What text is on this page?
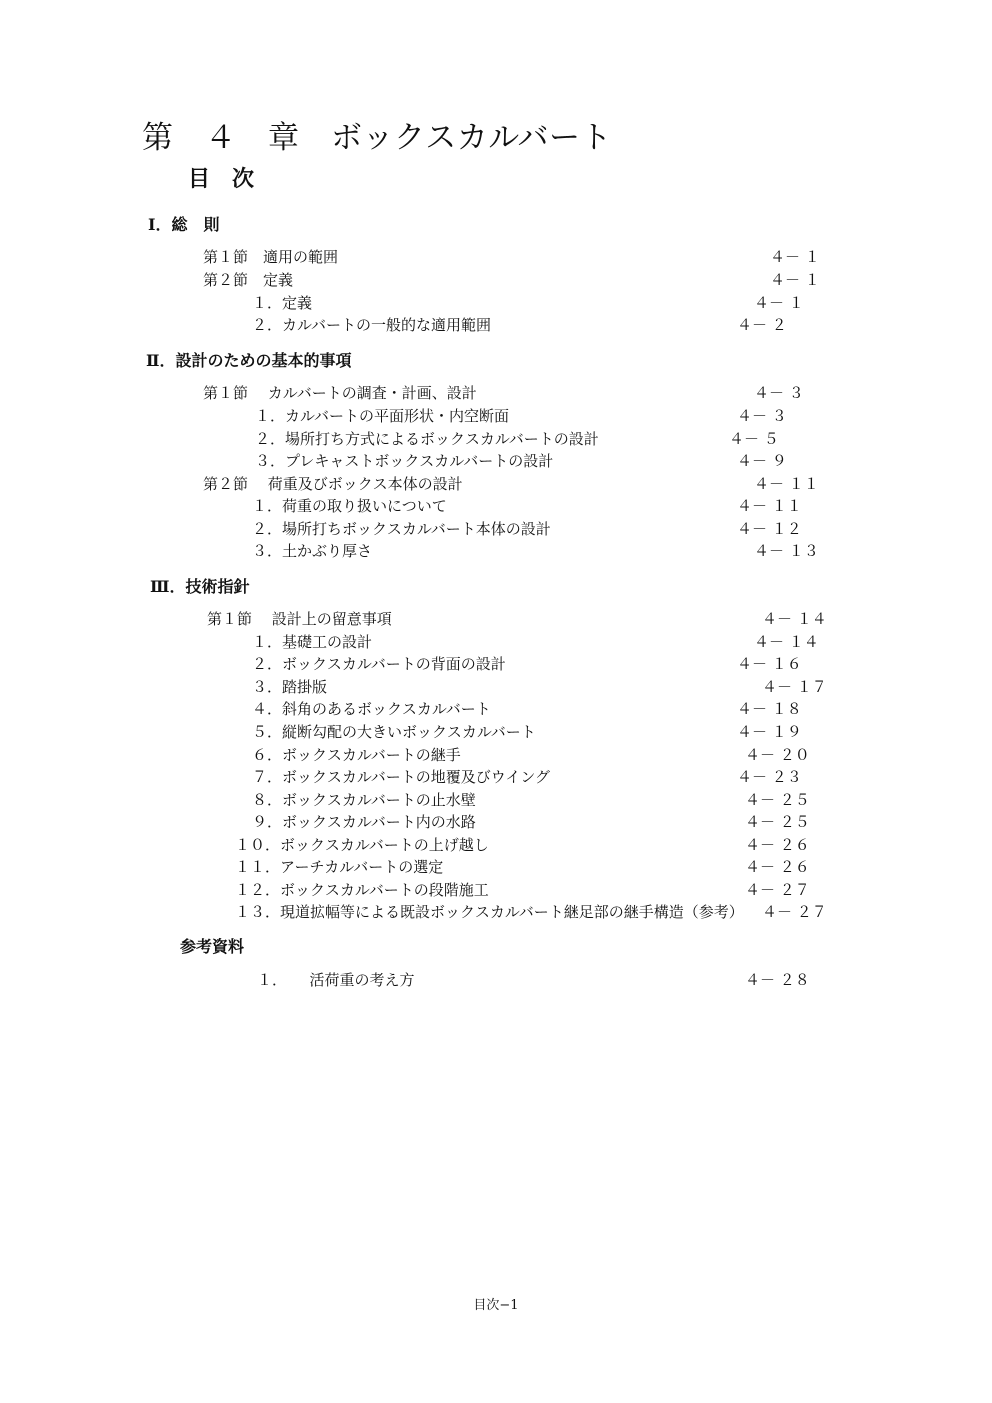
第　４　章　ボックスカルバート
目　次
Ⅰ．総　則
第１節　適用の範囲	４－ １
第２節　定義	４－ １
１．定義	４－ １
２．カルバートの一般的な適用範囲	４－ ２
Ⅱ．設計のための基本的事項
第１節　 カルバートの調査・計画、設計	４－ ３
１．カルバートの平面形状・内空断面	４－ ３
２．場所打ち方式によるボックスカルバートの設計	４－ ５
３．プレキャストボックスカルバートの設計	４－ ９
第２節　 荷重及びボックス本体の設計	４－ １１
１．荷重の取り扱いについて	４－ １１
２．場所打ちボックスカルバート本体の設計	４－ １２
３．土かぶり厚さ	４－ １３
Ⅲ．技術指針
第１節　 設計上の留意事項	４－ １４
１．基礎工の設計	４－ １４
２．ボックスカルバートの背面の設計	４－ １６
３．踏掛版	４－ １７
４．斜角のあるボックスカルバート	４－ １８
５．縦断勾配の大きいボックスカルバート	４－ １９
６．ボックスカルバートの継手	４－ ２０
７．ボックスカルバートの地覆及びウイング	４－ ２３
８．ボックスカルバートの止水壁	４－ ２５
９．ボックスカルバート内の水路	４－ ２５
１０．ボックスカルバートの上げ越し	４－ ２６
１１．アーチカルバートの選定	４－ ２６
１２．ボックスカルバートの段階施工	４－ ２７
１３．現道拡幅等による既設ボックスカルバート継足部の継手構造（参考） ４－ ２７
参考資料
１．　　活荷重の考え方	４－ ２８
目次−1
